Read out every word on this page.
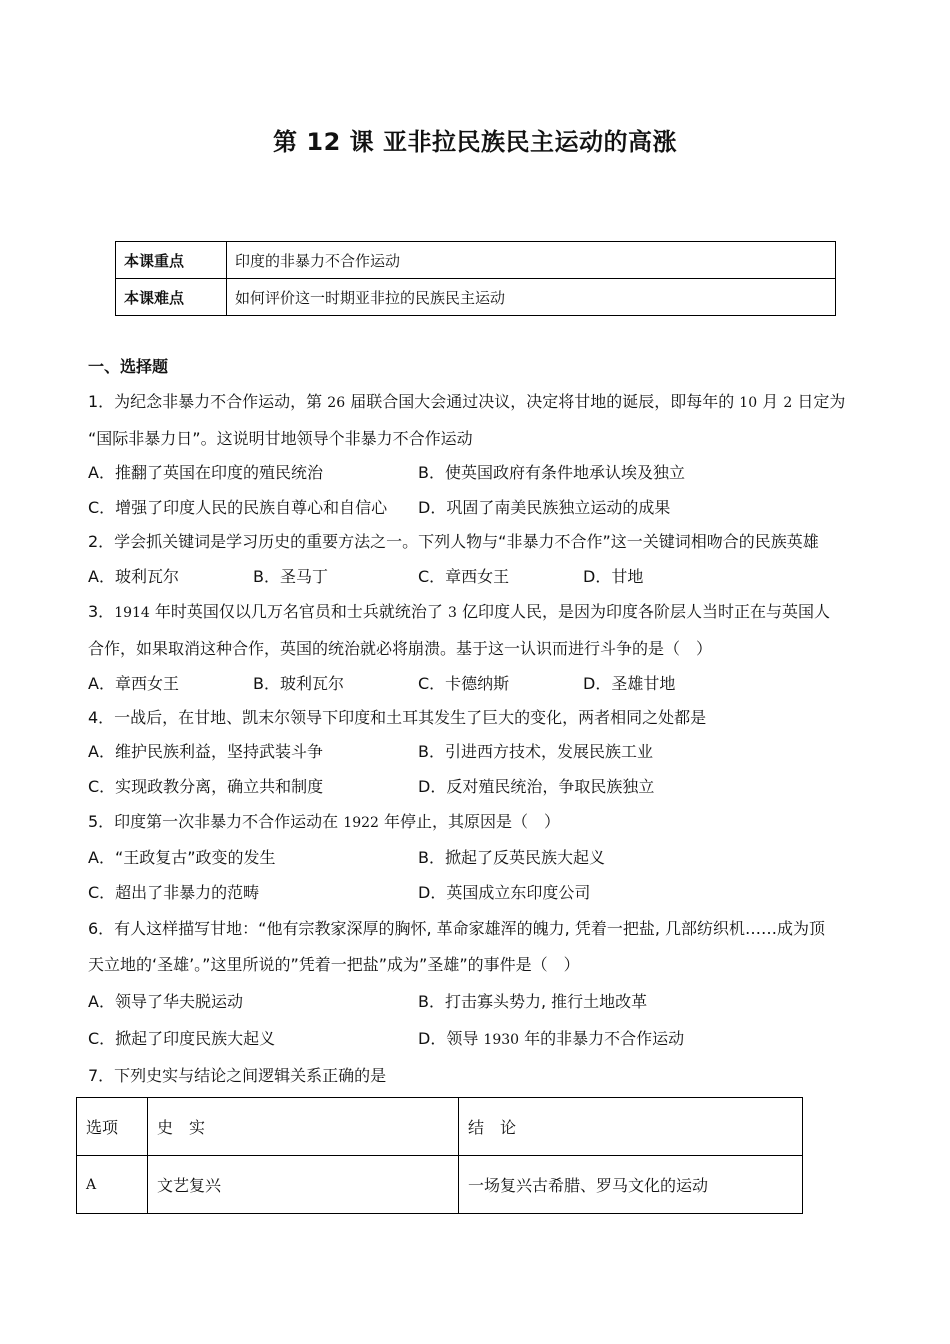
第 12 课 亚非拉民族民主运动的高涨
本课重点	印度的非暴力不合作运动
本课难点	如何评价这一时期亚非拉的民族民主运动
一、选择题
1．为纪念非暴力不合作运动，第 26 届联合国大会通过决议，决定将甘地的诞辰，即每年的 10 月 2 日定为
“国际非暴力日”。这说明甘地领导个非暴力不合作运动
A．推翻了英国在印度的殖民统治	B．使英国政府有条件地承认埃及独立
C．增强了印度人民的民族自尊心和自信心 D．巩固了南美民族独立运动的成果
2．学会抓关键词是学习历史的重要方法之一。下列人物与“非暴力不合作”这一关键词相吻合的民族英雄
A．玻利瓦尔	B．圣马丁	C．章西女王	D．甘地
3．1914 年时英国仅以几万名官员和士兵就统治了 3 亿印度人民，是因为印度各阶层人当时正在与英国人
合作，如果取消这种合作，英国的统治就必将崩溃。基于这一认识而进行斗争的是（　）
A．章西女王	B．玻利瓦尔	C．卡德纳斯	D．圣雄甘地
4．一战后，在甘地、凯末尔领导下印度和土耳其发生了巨大的变化，两者相同之处都是
A．维护民族利益，坚持武装斗争	B．引进西方技术，发展民族工业
C．实现政教分离，确立共和制度	D．反对殖民统治，争取民族独立
5．印度第一次非暴力不合作运动在 1922 年停止，其原因是（　）
A．“王政复古”政变的发生	B．掀起了反英民族大起义
C．超出了非暴力的范畴	D．英国成立东印度公司
6．有人这样描写甘地：“他有宗教家深厚的胸怀, 革命家雄浑的魄力, 凭着一把盐, 几部纺织机……成为顶
天立地的‘圣雄’。”这里所说的”凭着一把盐”成为”圣雄”的事件是（　）
A．领导了华夫脱运动	B．打击寡头势力, 推行土地改革
C．掀起了印度民族大起义	D．领导 1930 年的非暴力不合作运动
7．下列史实与结论之间逻辑关系正确的是
选项	史　实	结　论
A	文艺复兴	一场复兴古希腊、罗马文化的运动
